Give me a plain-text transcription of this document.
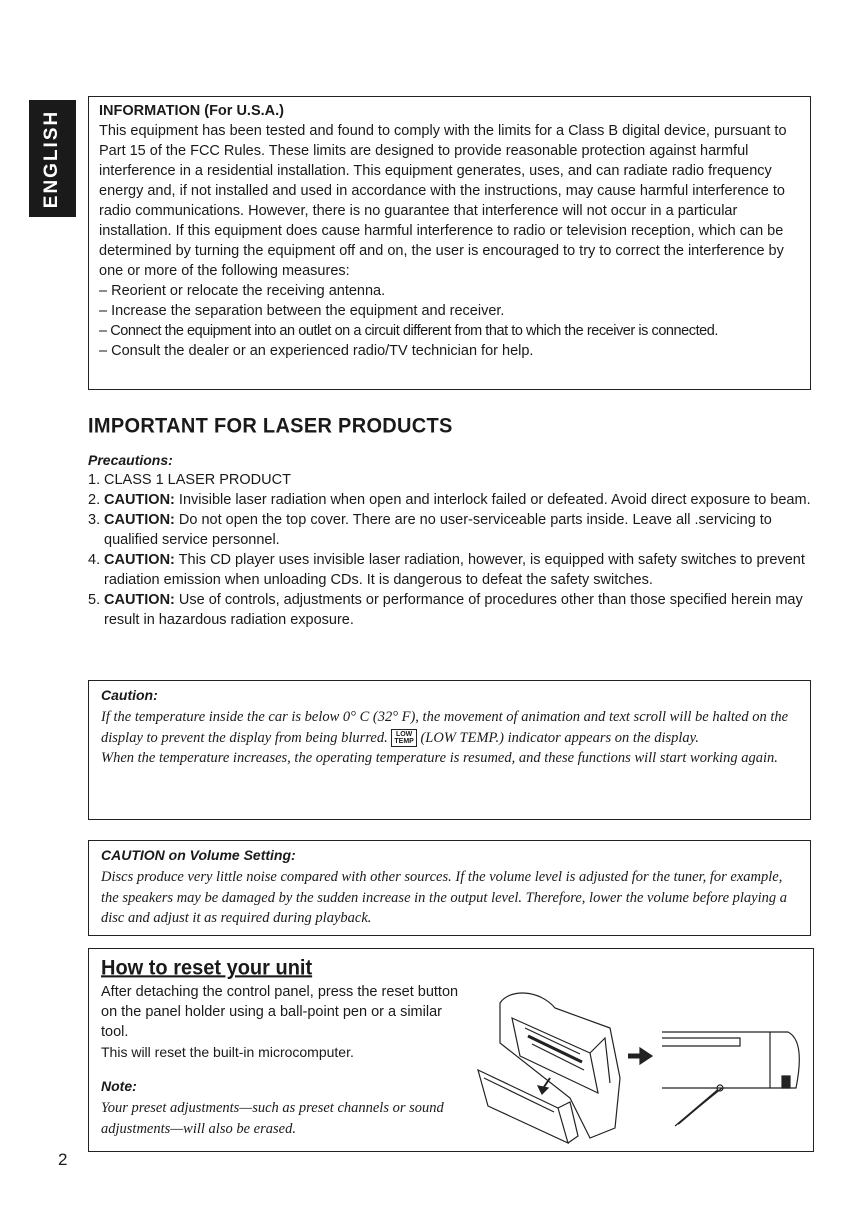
ENGLISH	INFORMATION (For U.S.A.)

This equipment has been tested and found to comply with the limits for a Class B digital device, pursuant to Part 15 of the FCC Rules. These limits are designed to provide reasonable protection against harmful interference in a residential installation. This equipment generates, uses, and can radiate radio frequency energy and, if not installed and used in accordance with the instructions, may cause harmful interference to radio communications. However, there is no guarantee that interference will not occur in a particular installation. If this equipment does cause harmful interference to radio or television reception, which can be determined by turning the equipment off and on, the user is encouraged to try to correct the interference by one or more of the following measures:

– Reorient or relocate the receiving antenna.
– Increase the separation between the equipment and receiver.
– Connect the equipment into an outlet on a circuit different from that to which the receiver is connected.
– Consult the dealer or an experienced radio/TV technician for help.
IMPORTANT FOR LASER PRODUCTS

Precautions:

1. CLASS 1 LASER PRODUCT
2. CAUTION: Invisible laser radiation when open and interlock failed or defeated. Avoid direct exposure to beam.
3. CAUTION: Do not open the top cover. There are no user-serviceable parts inside. Leave all .servicing to qualified service personnel.
4. CAUTION: This CD player uses invisible laser radiation, however, is equipped with safety switches to prevent radiation emission when unloading CDs. It is dangerous to defeat the safety switches.
5. CAUTION: Use of controls, adjustments or performance of procedures other than those specified herein may result in hazardous radiation exposure.

Caution:

If the temperature inside the car is below 0° C (32° F), the movement of animation and text scroll will be halted on the display to prevent the display from being blurred. LOW
TEMP (LOW TEMP.) indicator appears on the display.

When the temperature increases, the operating temperature is resumed, and these functions will start working again.

CAUTION on Volume Setting:

Discs produce very little noise compared with other sources. If the volume level is adjusted for the tuner, for example, the speakers may be damaged by the sudden increase in the output level. Therefore, lower the volume before playing a disc and adjust it as required during playback.

How to reset your unit

After detaching the control panel, press the reset button on the panel holder using a ball-point pen or a similar tool.

This will reset the built-in microcomputer.

Note:

Your preset adjustments—such as preset channels or sound adjustments—will also be erased.

2
